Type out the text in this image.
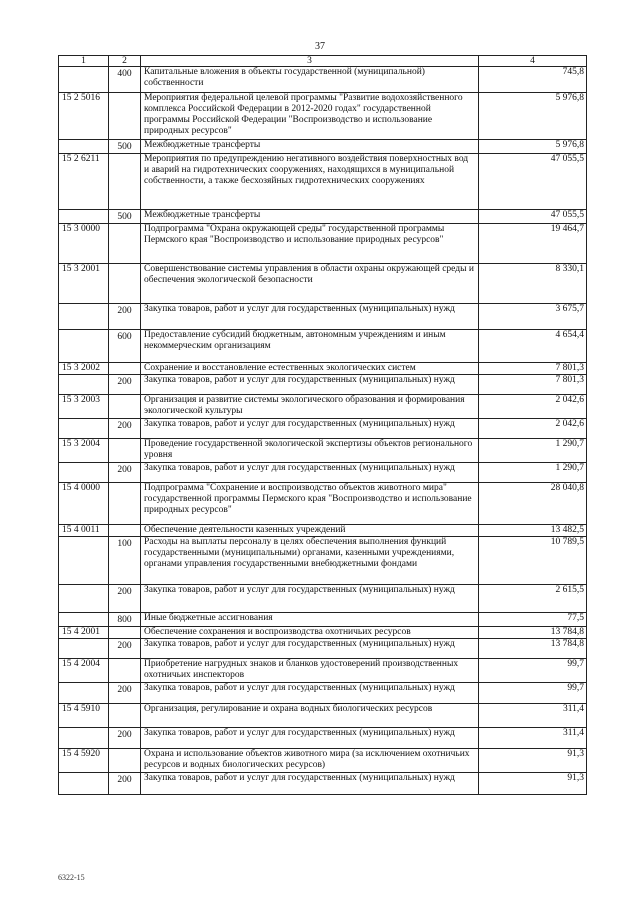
37
1	2	3	4
	400	Капитальные вложения в объекты государственной (муниципальной) собственности	745,8
15 2 5016		Мероприятия федеральной целевой программы "Развитие водохозяйственного комплекса Российской Федерации в 2012-2020 годах" государственной программы Российской Федерации "Воспроизводство и использование природных ресурсов"	5 976,8
	500	Межбюджетные трансферты	5 976,8
15 2 6211		Мероприятия по предупреждению негативного воздействия поверхностных вод и аварий на гидротехнических сооружениях, находящихся в муниципальной собственности, а также бесхозяйных гидротехнических сооружениях	47 055,5
	500	Межбюджетные трансферты	47 055,5
15 3 0000		Подпрограмма "Охрана окружающей среды" государственной программы Пермского края "Воспроизводство и использование природных ресурсов"	19 464,7
15 3 2001		Совершенствование системы управления в области охраны окружающей среды и обеспечения экологической безопасности	8 330,1
	200	Закупка товаров, работ и услуг для государственных (муниципальных) нужд	3 675,7
	600	Предоставление субсидий бюджетным, автономным учреждениям и иным некоммерческим организациям	4 654,4
15 3 2002		Сохранение и восстановление естественных экологических систем	7 801,3
	200	Закупка товаров, работ и услуг для государственных (муниципальных) нужд	7 801,3
15 3 2003		Организация и развитие системы экологического образования и формирования экологической культуры	2 042,6
	200	Закупка товаров, работ и услуг для государственных (муниципальных) нужд	2 042,6
15 3 2004		Проведение государственной экологической экспертизы объектов регионального уровня	1 290,7
	200	Закупка товаров, работ и услуг для государственных (муниципальных) нужд	1 290,7
15 4 0000		Подпрограмма "Сохранение и воспроизводство объектов животного мира" государственной программы Пермского края "Воспроизводство и использование природных ресурсов"	28 040,8
15 4 0011		Обеспечение деятельности казенных учреждений	13 482,5
	100	Расходы на выплаты персоналу в целях обеспечения выполнения функций государственными (муниципальными) органами, казенными учреждениями, органами управления государственными внебюджетными фондами	10 789,5
	200	Закупка товаров, работ и услуг для государственных (муниципальных) нужд	2 615,5
	800	Иные бюджетные ассигнования	77,5
15 4 2001		Обеспечение сохранения и воспроизводства охотничьих ресурсов	13 784,8
	200	Закупка товаров, работ и услуг для государственных (муниципальных) нужд	13 784,8
15 4 2004		Приобретение нагрудных знаков и бланков удостоверений производственных охотничьих инспекторов	99,7
	200	Закупка товаров, работ и услуг для государственных (муниципальных) нужд	99,7
15 4 5910		Организация, регулирование и охрана водных биологических ресурсов	311,4
	200	Закупка товаров, работ и услуг для государственных (муниципальных) нужд	311,4
15 4 5920		Охрана и использование объектов животного мира (за исключением охотничьих ресурсов и водных биологических ресурсов)	91,3
	200	Закупка товаров, работ и услуг для государственных (муниципальных) нужд	91,3
6322-15
